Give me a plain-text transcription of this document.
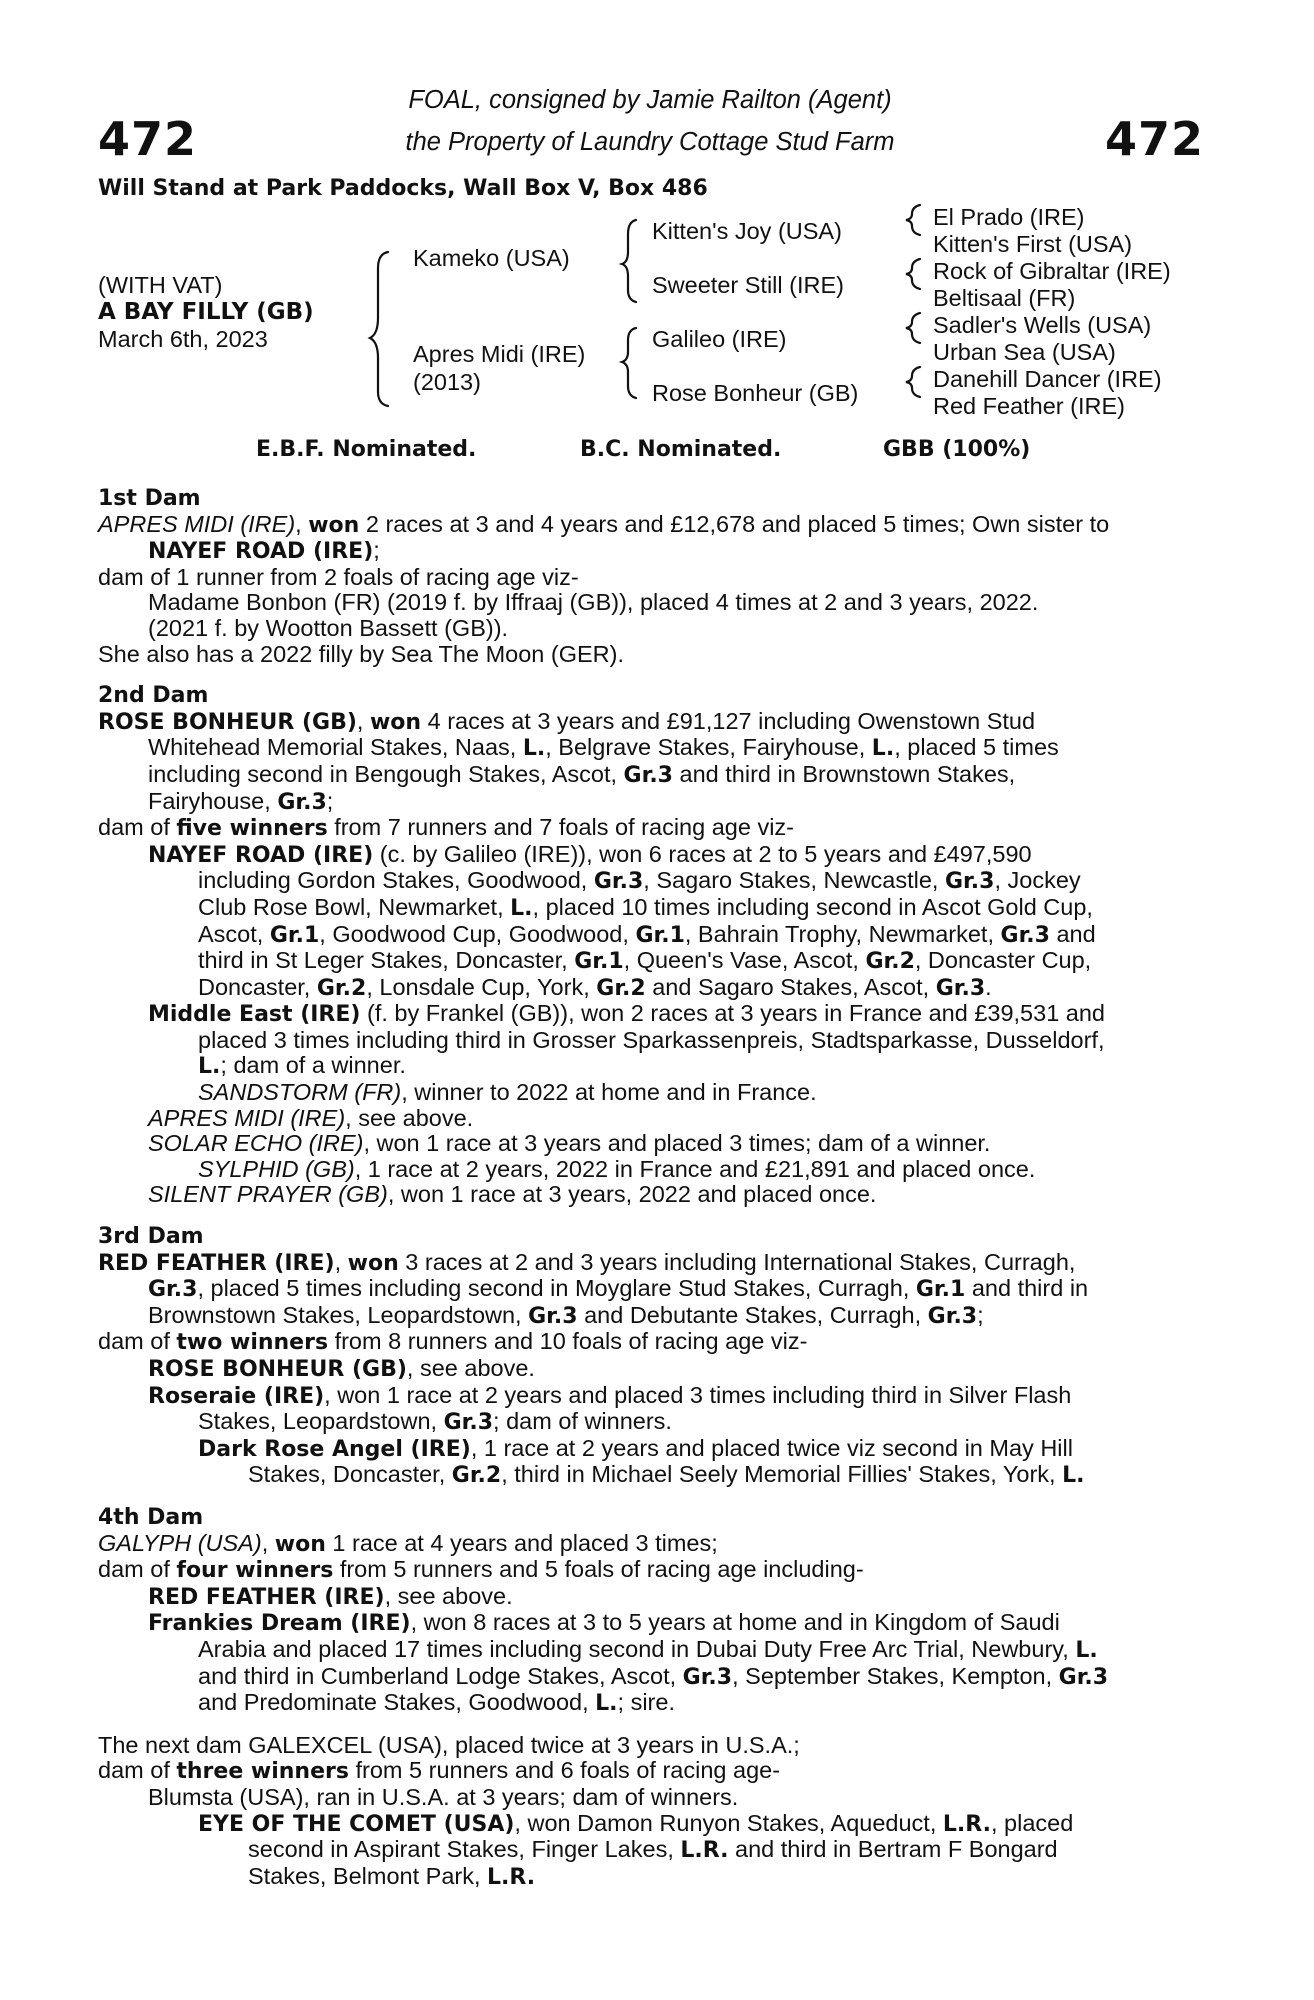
472	472
FOAL, consigned by Jamie Railton (Agent)
the Property of Laundry Cottage Stud Farm
Will Stand at Park Paddocks, Wall Box V, Box 486
(WITH VAT)
A BAY FILLY (GB)
March 6th, 2023
Kameko (USA)
Apres Midi (IRE)
(2013)
Kitten's Joy (USA)
Sweeter Still (IRE)
Galileo (IRE)
Rose Bonheur (GB)
El Prado (IRE)
Kitten's First (USA)
Rock of Gibraltar (IRE)
Beltisaal (FR)
Sadler's Wells (USA)
Urban Sea (USA)
Danehill Dancer (IRE)
Red Feather (IRE)
E.B.F. Nominated.	B.C. Nominated.	GBB (100%)
1st Dam
APRES MIDI (IRE), won 2 races at 3 and 4 years and £12,678 and placed 5 times; Own sister to
NAYEF ROAD (IRE);
dam of 1 runner from 2 foals of racing age viz-
Madame Bonbon (FR) (2019 f. by Iffraaj (GB)), placed 4 times at 2 and 3 years, 2022.
(2021 f. by Wootton Bassett (GB)).
She also has a 2022 filly by Sea The Moon (GER).
2nd Dam
ROSE BONHEUR (GB), won 4 races at 3 years and £91,127 including Owenstown Stud
Whitehead Memorial Stakes, Naas, L., Belgrave Stakes, Fairyhouse, L., placed 5 times
including second in Bengough Stakes, Ascot, Gr.3 and third in Brownstown Stakes,
Fairyhouse, Gr.3;
dam of five winners from 7 runners and 7 foals of racing age viz-
NAYEF ROAD (IRE) (c. by Galileo (IRE)), won 6 races at 2 to 5 years and £497,590
including Gordon Stakes, Goodwood, Gr.3, Sagaro Stakes, Newcastle, Gr.3, Jockey
Club Rose Bowl, Newmarket, L., placed 10 times including second in Ascot Gold Cup,
Ascot, Gr.1, Goodwood Cup, Goodwood, Gr.1, Bahrain Trophy, Newmarket, Gr.3 and
third in St Leger Stakes, Doncaster, Gr.1, Queen's Vase, Ascot, Gr.2, Doncaster Cup,
Doncaster, Gr.2, Lonsdale Cup, York, Gr.2 and Sagaro Stakes, Ascot, Gr.3.
Middle East (IRE) (f. by Frankel (GB)), won 2 races at 3 years in France and £39,531 and
placed 3 times including third in Grosser Sparkassenpreis, Stadtsparkasse, Dusseldorf,
L.; dam of a winner.
SANDSTORM (FR), winner to 2022 at home and in France.
APRES MIDI (IRE), see above.
SOLAR ECHO (IRE), won 1 race at 3 years and placed 3 times; dam of a winner.
SYLPHID (GB), 1 race at 2 years, 2022 in France and £21,891 and placed once.
SILENT PRAYER (GB), won 1 race at 3 years, 2022 and placed once.
3rd Dam
RED FEATHER (IRE), won 3 races at 2 and 3 years including International Stakes, Curragh,
Gr.3, placed 5 times including second in Moyglare Stud Stakes, Curragh, Gr.1 and third in
Brownstown Stakes, Leopardstown, Gr.3 and Debutante Stakes, Curragh, Gr.3;
dam of two winners from 8 runners and 10 foals of racing age viz-
ROSE BONHEUR (GB), see above.
Roseraie (IRE), won 1 race at 2 years and placed 3 times including third in Silver Flash
Stakes, Leopardstown, Gr.3; dam of winners.
Dark Rose Angel (IRE), 1 race at 2 years and placed twice viz second in May Hill
Stakes, Doncaster, Gr.2, third in Michael Seely Memorial Fillies' Stakes, York, L.
4th Dam
GALYPH (USA), won 1 race at 4 years and placed 3 times;
dam of four winners from 5 runners and 5 foals of racing age including-
RED FEATHER (IRE), see above.
Frankies Dream (IRE), won 8 races at 3 to 5 years at home and in Kingdom of Saudi
Arabia and placed 17 times including second in Dubai Duty Free Arc Trial, Newbury, L.
and third in Cumberland Lodge Stakes, Ascot, Gr.3, September Stakes, Kempton, Gr.3
and Predominate Stakes, Goodwood, L.; sire.
The next dam GALEXCEL (USA), placed twice at 3 years in U.S.A.;
dam of three winners from 5 runners and 6 foals of racing age-
Blumsta (USA), ran in U.S.A. at 3 years; dam of winners.
EYE OF THE COMET (USA), won Damon Runyon Stakes, Aqueduct, L.R., placed
second in Aspirant Stakes, Finger Lakes, L.R. and third in Bertram F Bongard
Stakes, Belmont Park, L.R.
